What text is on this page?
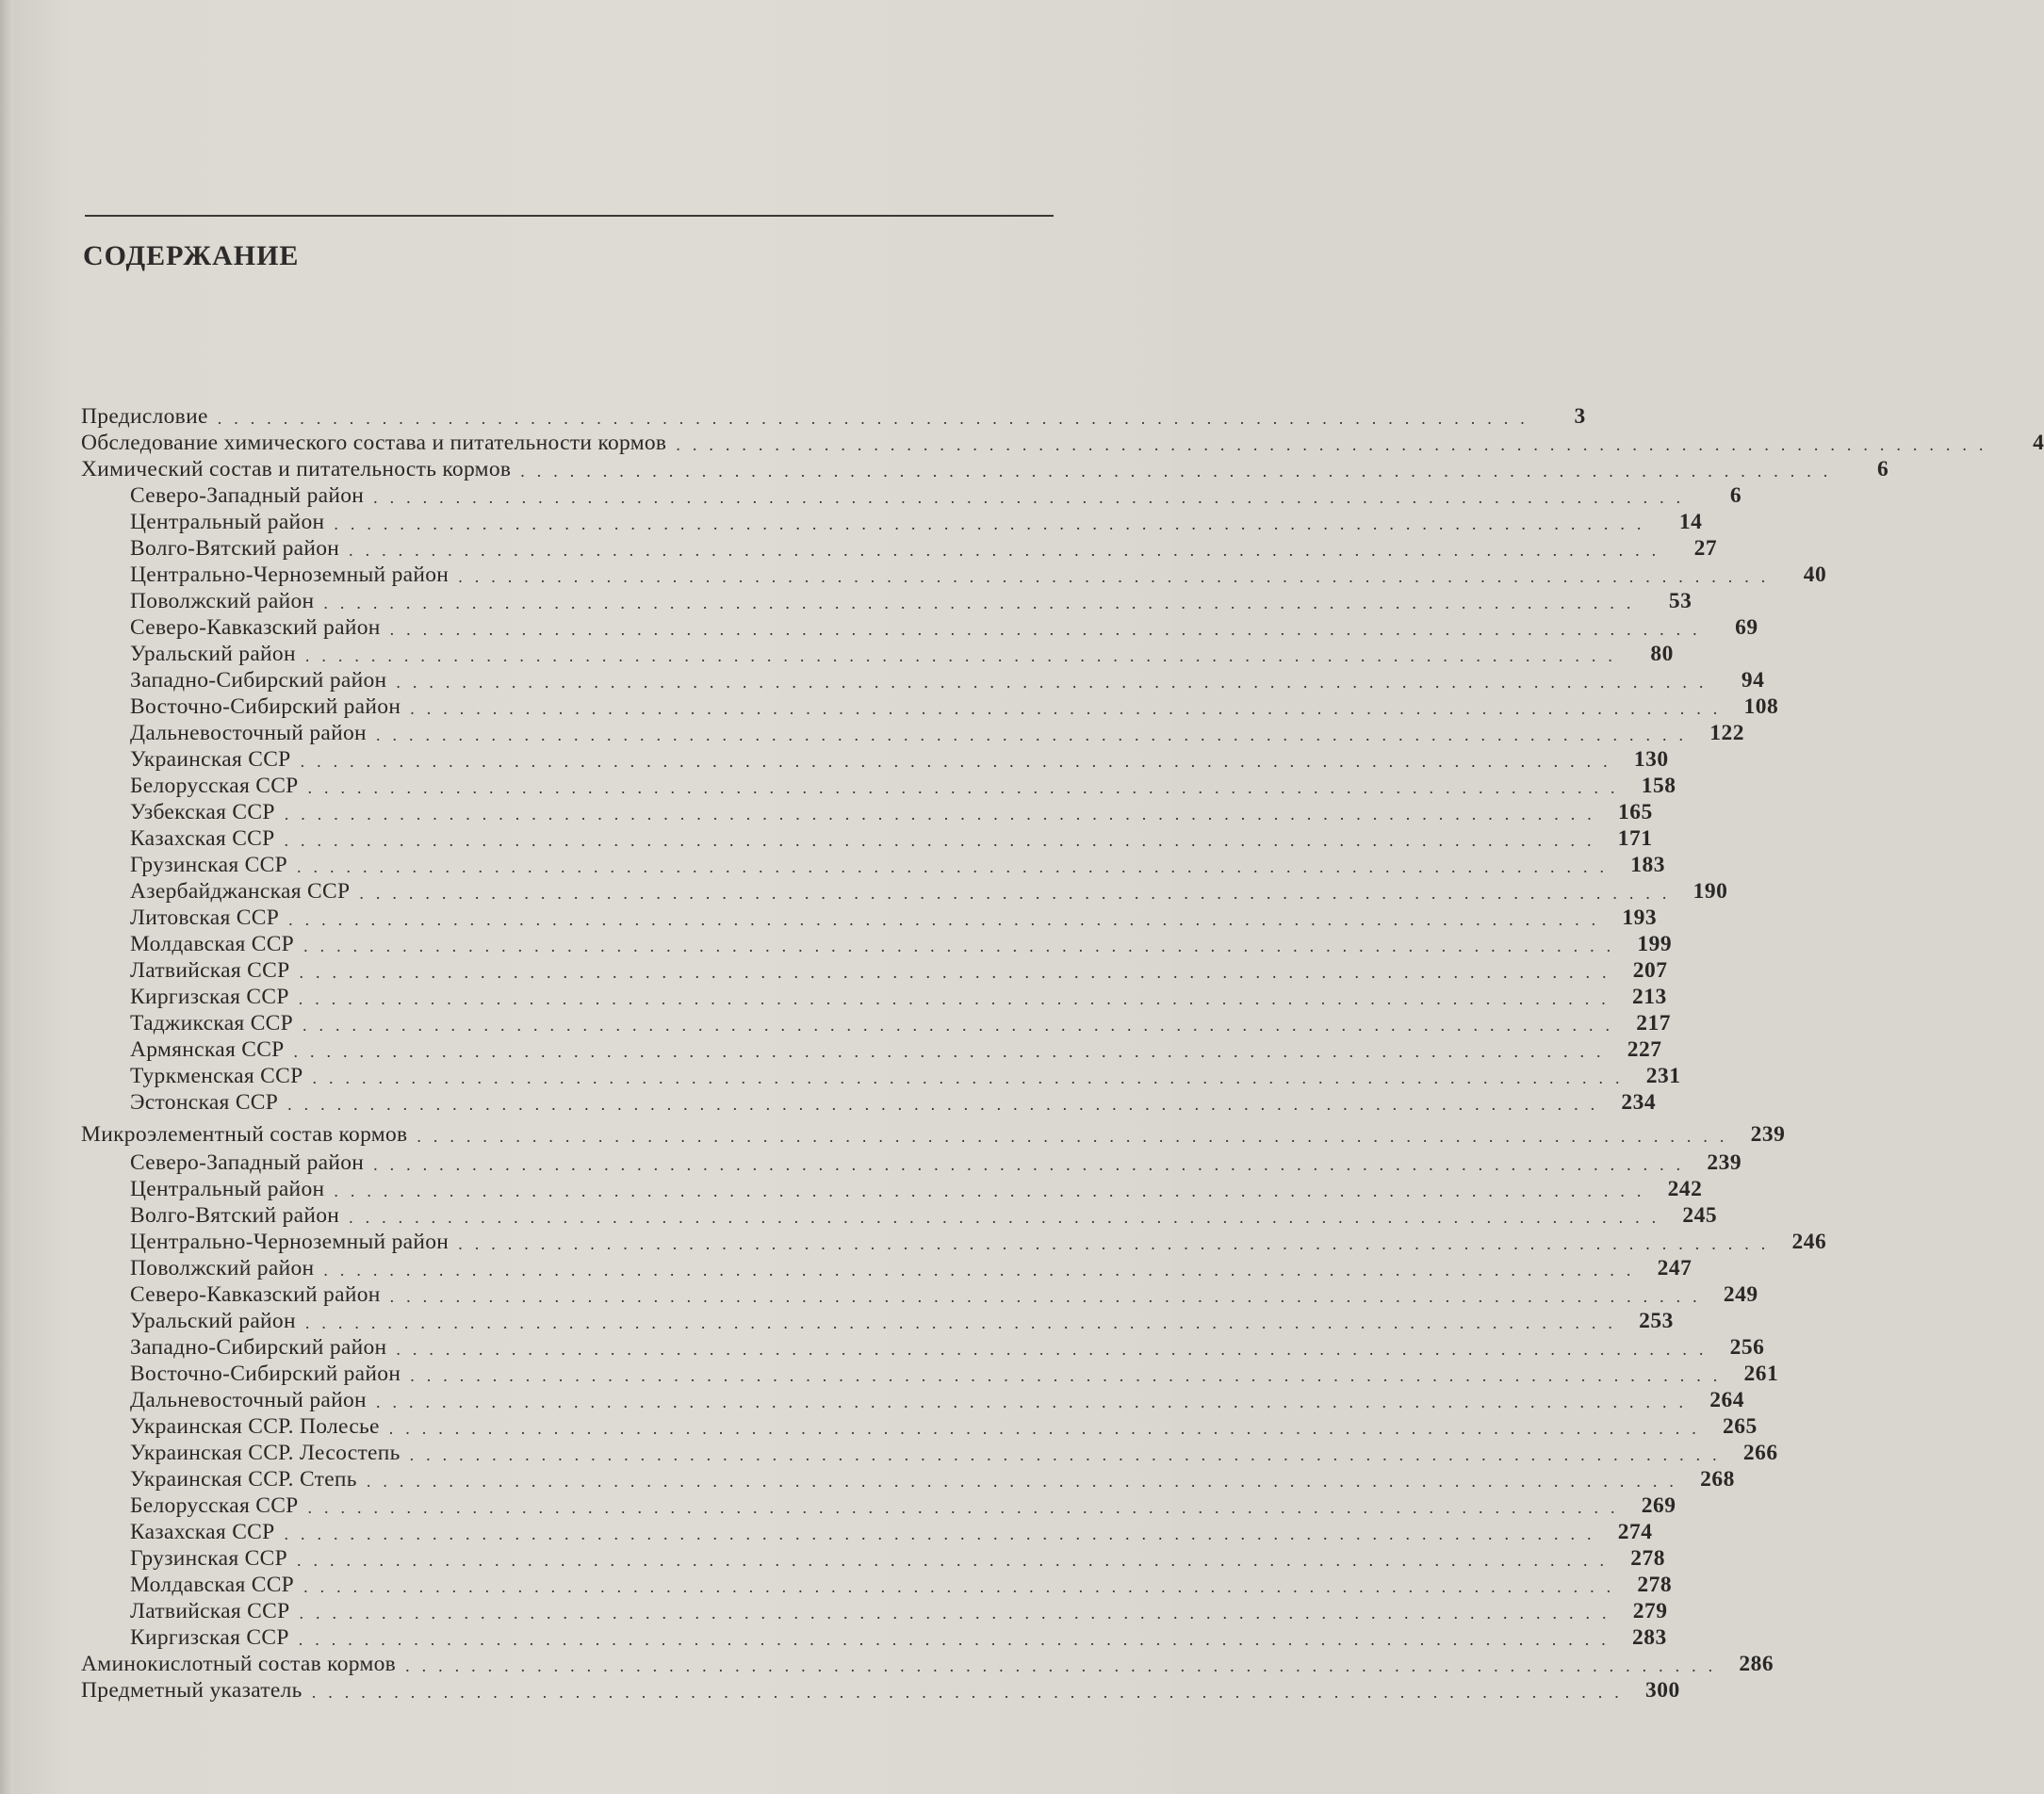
СОДЕРЖАНИЕ
Предисловие ................................................................................	3
Обследование химического состава и питательности кормов ................................................................................	4
Химический состав и питательность кормов ................................................................................	6
Северо-Западный район ................................................................................	6
Центральный район ................................................................................	14
Волго-Вятский район ................................................................................	27
Центрально-Черноземный район ................................................................................	40
Поволжский район ................................................................................	53
Северо-Кавказский район ................................................................................	69
Уральский район ................................................................................	80
Западно-Сибирский район ................................................................................	94
Восточно-Сибирский район ................................................................................ 108
Дальневосточный район ................................................................................ 122
Украинская ССР ................................................................................ 130
Белорусская ССР ................................................................................ 158
Узбекская ССР ................................................................................ 165
Казахская ССР ................................................................................ 171
Грузинская ССР ................................................................................ 183
Азербайджанская ССР ................................................................................ 190
Литовская ССР ................................................................................ 193
Молдавская ССР ................................................................................ 199
Латвийская ССР ................................................................................ 207
Киргизская ССР ................................................................................ 213
Таджикская ССР ................................................................................ 217
Армянская ССР ................................................................................ 227
Туркменская ССР ................................................................................ 231
Эстонская ССР ................................................................................ 234
Микроэлементный состав кормов ................................................................................ 239
Северо-Западный район ................................................................................ 239
Центральный район ................................................................................ 242
Волго-Вятский район ................................................................................ 245
Центрально-Черноземный район ................................................................................ 246
Поволжский район ................................................................................ 247
Северо-Кавказский район ................................................................................ 249
Уральский район ................................................................................ 253
Западно-Сибирский район ................................................................................ 256
Восточно-Сибирский район ................................................................................ 261
Дальневосточный район ................................................................................ 264
Украинская ССР. Полесье ................................................................................ 265
Украинская ССР. Лесостепь ................................................................................ 266
Украинская ССР. Степь ................................................................................ 268
Белорусская ССР ................................................................................ 269
Казахская ССР ................................................................................ 274
Грузинская ССР ................................................................................ 278
Молдавская ССР ................................................................................ 278
Латвийская ССР ................................................................................ 279
Киргизская ССР ................................................................................ 283
Аминокислотный состав кормов ................................................................................ 286
Предметный указатель ................................................................................ 300
